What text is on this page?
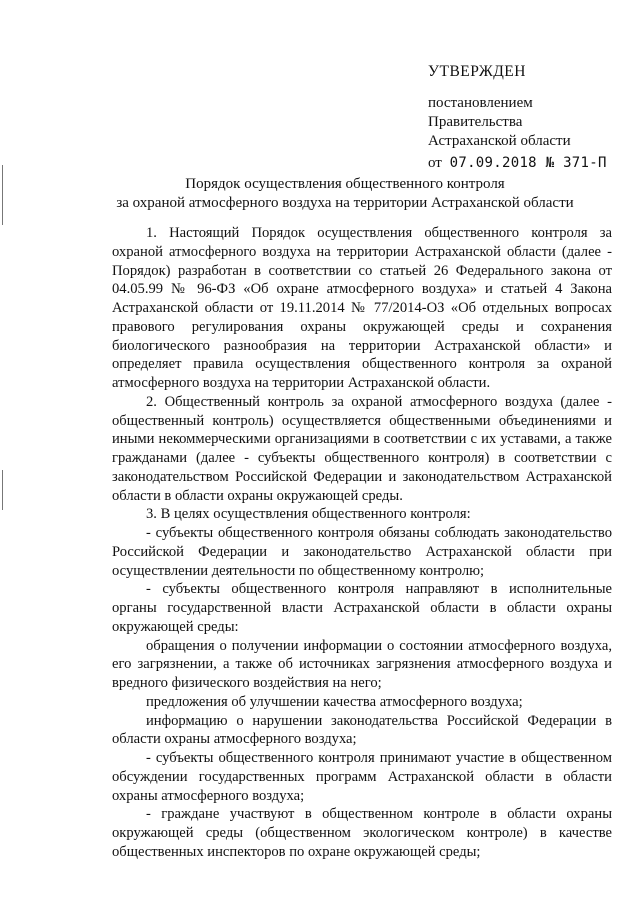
УТВЕРЖДЕН
постановлением
Правительства
Астраханской области
от 07.09.2018 № 371-П
Порядок осуществления общественного контроля
за охраной атмосферного воздуха на территории Астраханской области

1. Настоящий Порядок осуществления общественного контроля за охраной атмосферного воздуха на территории Астраханской области (далее - Порядок) разработан в соответствии со статьей 26 Федерального закона от 04.05.99 № 96-ФЗ «Об охране атмосферного воздуха» и статьей 4 Закона Астраханской области от 19.11.2014 № 77/2014-ОЗ «Об отдельных вопросах правового регулирования охраны окружающей среды и сохранения биологического разнообразия на территории Астраханской области» и определяет правила осуществления общественного контроля за охраной атмосферного воздуха на территории Астраханской области.

2. Общественный контроль за охраной атмосферного воздуха (далее - общественный контроль) осуществляется общественными объединениями и иными некоммерческими организациями в соответствии с их уставами, а также гражданами (далее - субъекты общественного контроля) в соответствии с законодательством Российской Федерации и законодательством Астраханской области в области охраны окружающей среды.

3. В целях осуществления общественного контроля:

- субъекты общественного контроля обязаны соблюдать законодательство Российской Федерации и законодательство Астраханской области при осуществлении деятельности по общественному контролю;

- субъекты общественного контроля направляют в исполнительные органы государственной власти Астраханской области в области охраны окружающей среды:

обращения о получении информации о состоянии атмосферного воздуха, его загрязнении, а также об источниках загрязнения атмосферного воздуха и вредного физического воздействия на него;

предложения об улучшении качества атмосферного воздуха;

информацию о нарушении законодательства Российской Федерации в области охраны атмосферного воздуха;

- субъекты общественного контроля принимают участие в общественном обсуждении государственных программ Астраханской области в области охраны атмосферного воздуха;

- граждане участвуют в общественном контроле в области охраны окружающей среды (общественном экологическом контроле) в качестве общественных инспекторов по охране окружающей среды;
